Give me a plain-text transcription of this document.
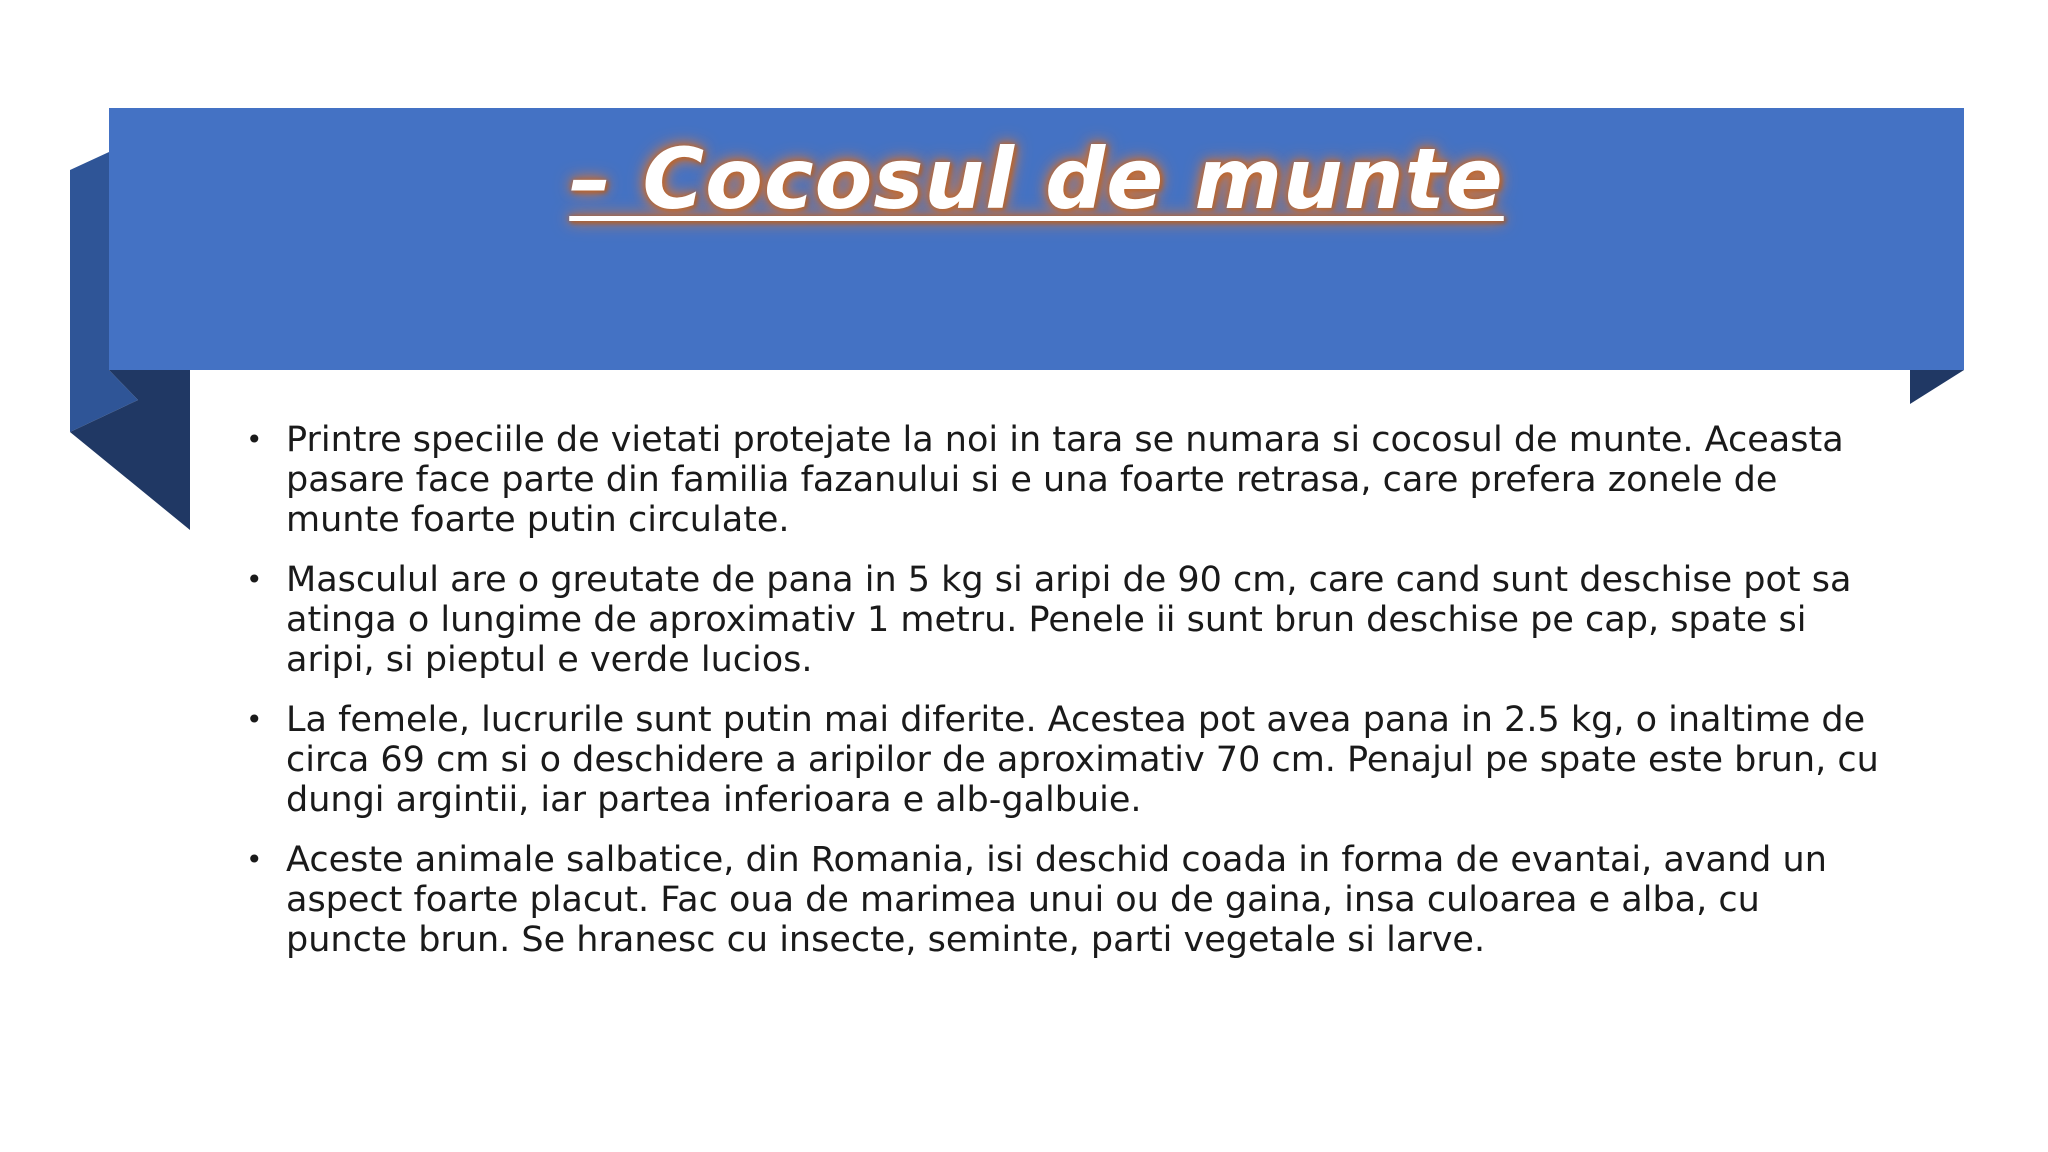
– Cocosul de munte
• Printre speciile de vietati protejate la noi in tara se numara si cocosul de munte. Aceasta pasare face parte din familia fazanului si e una foarte retrasa, care prefera zonele de munte foarte putin circulate.
• Masculul are o greutate de pana in 5 kg si aripi de 90 cm, care cand sunt deschise pot sa atinga o lungime de aproximativ 1 metru. Penele ii sunt brun deschise pe cap, spate si aripi, si pieptul e verde lucios.
• La femele, lucrurile sunt putin mai diferite. Acestea pot avea pana in 2.5 kg, o inaltime de circa 69 cm si o deschidere a aripilor de aproximativ 70 cm. Penajul pe spate este brun, cu dungi argintii, iar partea inferioara e alb-galbuie.
• Aceste animale salbatice, din Romania, isi deschid coada in forma de evantai, avand un aspect foarte placut. Fac oua de marimea unui ou de gaina, insa culoarea e alba, cu puncte brun. Se hranesc cu insecte, seminte, parti vegetale si larve.
